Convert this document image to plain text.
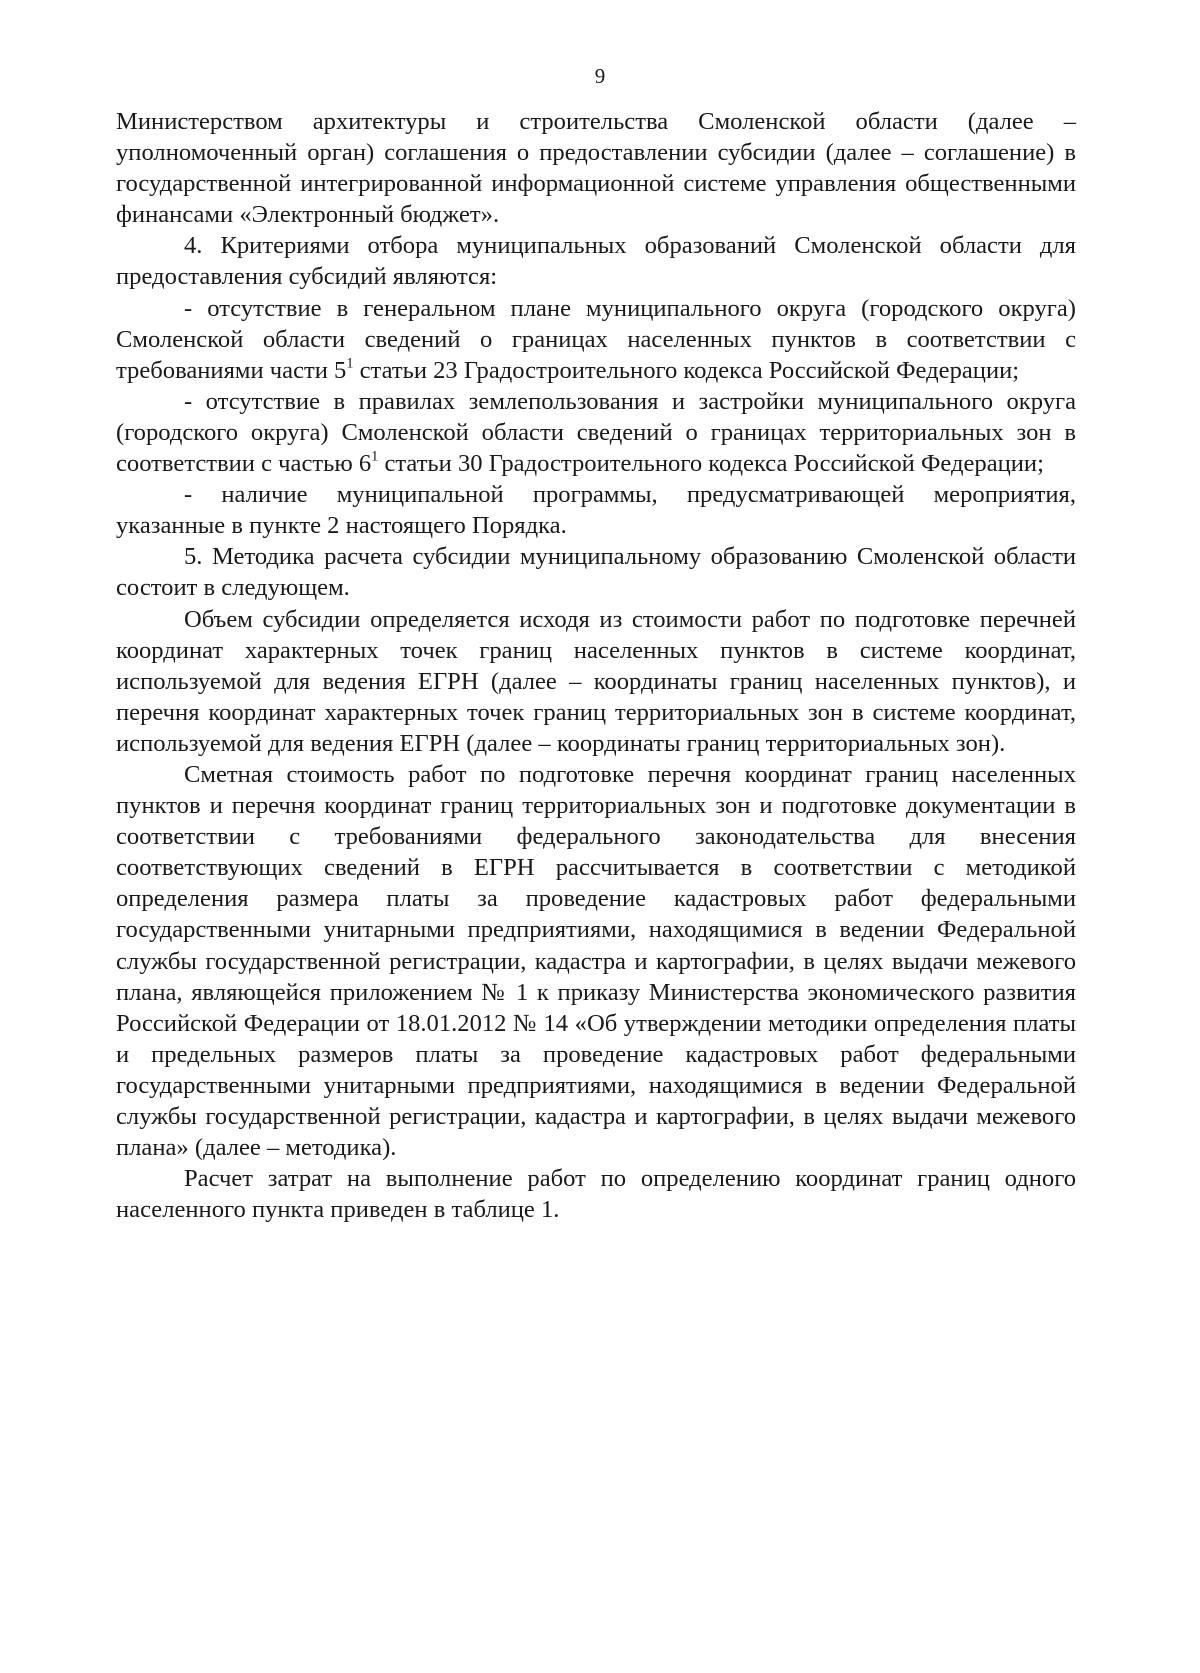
9

Министерством архитектуры и строительства Смоленской области (далее – уполномоченный орган) соглашения о предоставлении субсидии (далее – соглашение) в государственной интегрированной информационной системе управления общественными финансами «Электронный бюджет».

4. Критериями отбора муниципальных образований Смоленской области для предоставления субсидий являются:

- отсутствие в генеральном плане муниципального округа (городского округа) Смоленской области сведений о границах населенных пунктов в соответствии с требованиями части $5^1$ статьи 23 Градостроительного кодекса Российской Федерации;

- отсутствие в правилах землепользования и застройки муниципального округа (городского округа) Смоленской области сведений о границах территориальных зон в соответствии с частью $6^1$ статьи 30 Градостроительного кодекса Российской Федерации;

- наличие муниципальной программы, предусматривающей мероприятия, указанные в пункте 2 настоящего Порядка.

5. Методика расчета субсидии муниципальному образованию Смоленской области состоит в следующем.

Объем субсидии определяется исходя из стоимости работ по подготовке перечней координат характерных точек границ населенных пунктов в системе координат, используемой для ведения ЕГРН (далее – координаты границ населенных пунктов), и перечня координат характерных точек границ территориальных зон в системе координат, используемой для ведения ЕГРН (далее – координаты границ территориальных зон).

Сметная стоимость работ по подготовке перечня координат границ населенных пунктов и перечня координат границ территориальных зон и подготовке документации в соответствии с требованиями федерального законодательства для внесения соответствующих сведений в ЕГРН рассчитывается в соответствии с методикой определения размера платы за проведение кадастровых работ федеральными государственными унитарными предприятиями, находящимися в ведении Федеральной службы государственной регистрации, кадастра и картографии, в целях выдачи межевого плана, являющейся приложением № 1 к приказу Министерства экономического развития Российской Федерации от 18.01.2012 № 14 «Об утверждении методики определения платы и предельных размеров платы за проведение кадастровых работ федеральными государственными унитарными предприятиями, находящимися в ведении Федеральной службы государственной регистрации, кадастра и картографии, в целях выдачи межевого плана» (далее – методика).

Расчет затрат на выполнение работ по определению координат границ одного населенного пункта приведен в таблице 1.
